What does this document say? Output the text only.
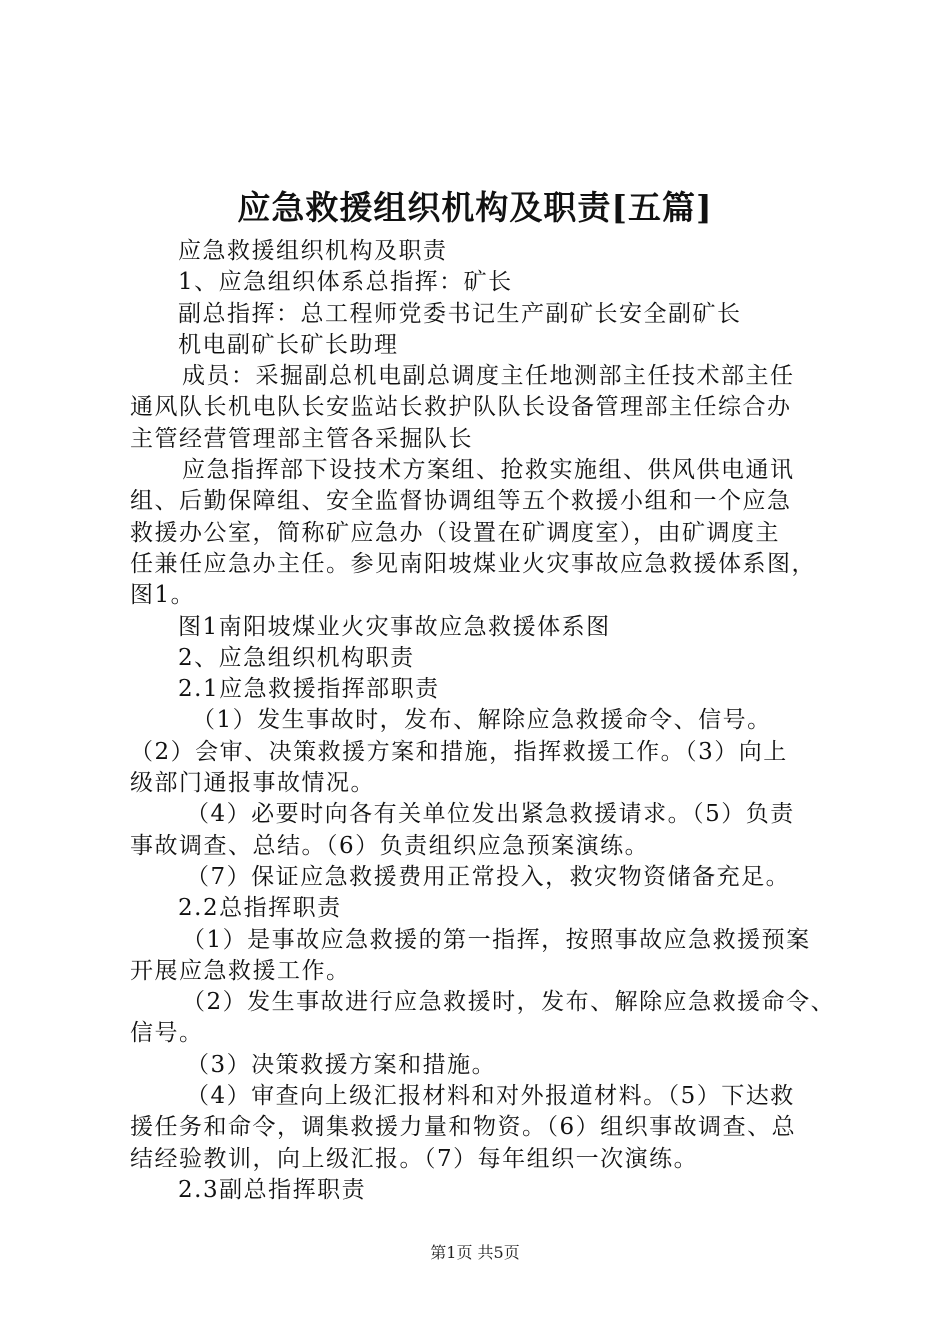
应急救援组织机构及职责[五篇]
应急救援组织机构及职责
1、应急组织体系总指挥：矿长
副总指挥：总工程师党委书记生产副矿长安全副矿长
机电副矿长矿长助理
成员：采掘副总机电副总调度主任地测部主任技术部主任
通风队长机电队长安监站长救护队队长设备管理部主任综合办
主管经营管理部主管各采掘队长
应急指挥部下设技术方案组、抢救实施组、供风供电通讯
组、后勤保障组、安全监督协调组等五个救援小组和一个应急
救援办公室，简称矿应急办（设置在矿调度室），由矿调度主
任兼任应急办主任。参见南阳坡煤业火灾事故应急救援体系图，
图1。
图1南阳坡煤业火灾事故应急救援体系图
2、应急组织机构职责
2.1应急救援指挥部职责
（1）发生事故时，发布、解除应急救援命令、信号。
（2）会审、决策救援方案和措施，指挥救援工作。（3）向上
级部门通报事故情况。
（4）必要时向各有关单位发出紧急救援请求。（5）负责
事故调查、总结。（6）负责组织应急预案演练。
（7）保证应急救援费用正常投入，救灾物资储备充足。
2.2总指挥职责
（1）是事故应急救援的第一指挥，按照事故应急救援预案
开展应急救援工作。
（2）发生事故进行应急救援时，发布、解除应急救援命令、
信号。
（3）决策救援方案和措施。
（4）审查向上级汇报材料和对外报道材料。（5）下达救
援任务和命令，调集救援力量和物资。（6）组织事故调查、总
结经验教训，向上级汇报。（7）每年组织一次演练。
2.3副总指挥职责
第1页 共5页
